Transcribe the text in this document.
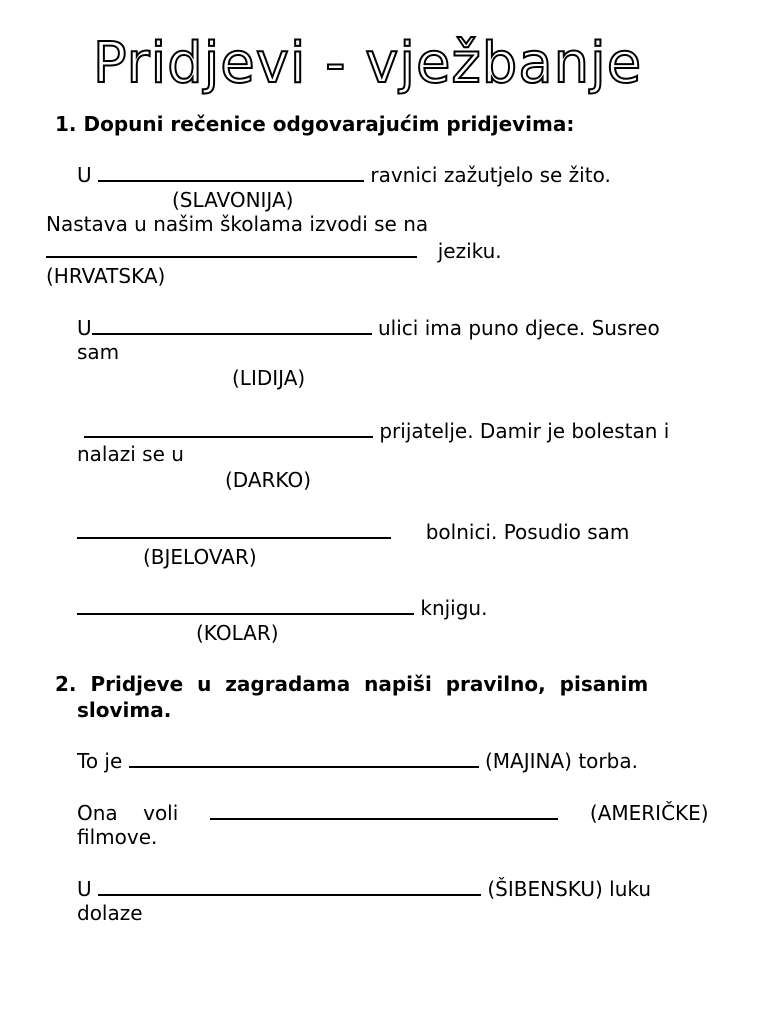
Pridjevi - vježbanje
1. Dopuni rečenice odgovarajućim pridjevima:
U	ravnici zažutjelo se žito.
(SLAVONIJA)
Nastava u našim školama izvodi se na
jeziku.
(HRVATSKA)
U	ulici ima puno djece. Susreo
sam
(LIDIJA)
prijatelje. Damir je bolestan i
nalazi se u
(DARKO)
bolnici. Posudio sam
(BJELOVAR)
knjigu.
(KOLAR)
2.  Pridjeve  u  zagradama  napiši  pravilno,  pisanim
slovima.
To je	(MAJINA) torba.
Ona    voli	(AMERIČKE)
filmove.
U	(ŠIBENSKU) luku
dolaze
